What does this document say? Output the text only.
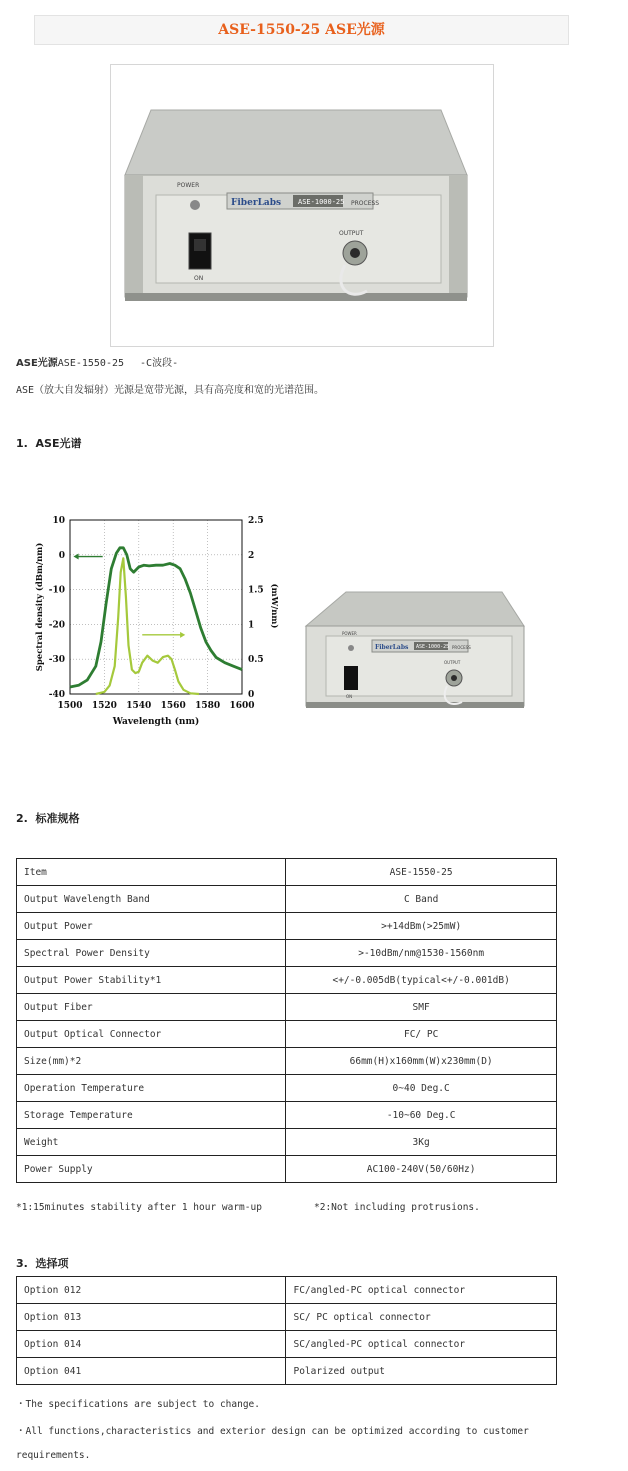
ASE-1550-25 ASE光源
FiberLabs ASE-1000-25 PROCESS
POWER
ON
OUTPUT
ASE光源ASE-1550-25　 -C波段-
ASE（放大自发辐射）光源是宽带光源，具有高亮度和宽的光谱范围。
1. ASE光谱
1500 1520 1540 1560 1580 1600
10
0
-10
-20
-30
-40
2.5
2
1.5
1
0.5
0
Wavelength (nm)
Spectral density (dBm/nm)	(mW/nm)
FiberLabs ASE-1000-25 PROCESS
POWER
ON
OUTPUT
2. 标准规格
Item	ASE-1550-25
Output Wavelength Band	C Band
Output Power	>+14dBm(>25mW)
Spectral Power Density	>-10dBm/nm@1530-1560nm
Output Power Stability*1	<+/-0.005dB(typical<+/-0.001dB)
Output Fiber	SMF
Output Optical Connector	FC/ PC
Size(mm)*2	66mm(H)x160mm(W)x230mm(D)
Operation Temperature	0~40 Deg.C
Storage Temperature	-10~60 Deg.C
Weight	3Kg
Power Supply	AC100-240V(50/60Hz)
*1:15minutes stability after 1 hour warm-up	*2:Not including protrusions.
3. 选择项
Option 012	FC/angled-PC optical connector
Option 013	SC/ PC optical connector
Option 014	SC/angled-PC optical connector
Option 041	Polarized output
・The specifications are subject to change.
・All functions,characteristics and exterior design can be optimized according to customer
requirements.
